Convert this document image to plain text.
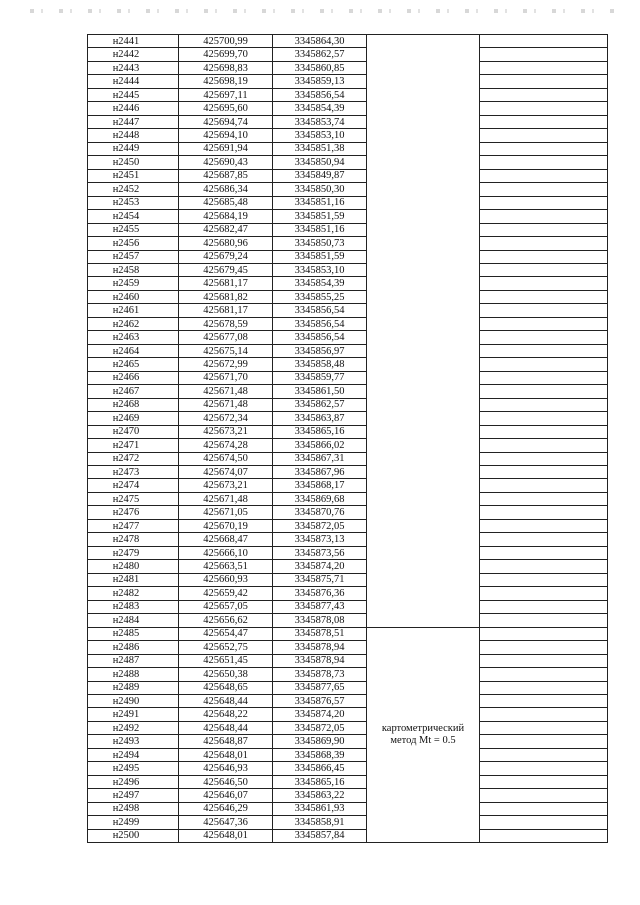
н2441	425700,99	3345864,30		
н2442	425699,70	3345862,57		
н2443	425698,83	3345860,85		
н2444	425698,19	3345859,13		
н2445	425697,11	3345856,54		
н2446	425695,60	3345854,39		
н2447	425694,74	3345853,74		
н2448	425694,10	3345853,10		
н2449	425691,94	3345851,38		
н2450	425690,43	3345850,94		
н2451	425687,85	3345849,87		
н2452	425686,34	3345850,30		
н2453	425685,48	3345851,16		
н2454	425684,19	3345851,59		
н2455	425682,47	3345851,16		
н2456	425680,96	3345850,73		
н2457	425679,24	3345851,59		
н2458	425679,45	3345853,10		
н2459	425681,17	3345854,39		
н2460	425681,82	3345855,25		
н2461	425681,17	3345856,54		
н2462	425678,59	3345856,54		
н2463	425677,08	3345856,54		
н2464	425675,14	3345856,97		
н2465	425672,99	3345858,48		
н2466	425671,70	3345859,77		
н2467	425671,48	3345861,50		
н2468	425671,48	3345862,57		
н2469	425672,34	3345863,87		
н2470	425673,21	3345865,16		
н2471	425674,28	3345866,02		
н2472	425674,50	3345867,31		
н2473	425674,07	3345867,96		
н2474	425673,21	3345868,17		
н2475	425671,48	3345869,68		
н2476	425671,05	3345870,76		
н2477	425670,19	3345872,05		
н2478	425668,47	3345873,13		
н2479	425666,10	3345873,56		
н2480	425663,51	3345874,20		
н2481	425660,93	3345875,71		
н2482	425659,42	3345876,36		
н2483	425657,05	3345877,43		
н2484	425656,62	3345878,08		
н2485	425654,47	3345878,51	картометрический
метод Mt = 0.5	

н2486	425652,75	3345878,94		
н2487	425651,45	3345878,94		
н2488	425650,38	3345878,73		
н2489	425648,65	3345877,65		
н2490	425648,44	3345876,57		
н2491	425648,22	3345874,20		
н2492	425648,44	3345872,05		
н2493	425648,87	3345869,90		
н2494	425648,01	3345868,39		
н2495	425646,93	3345866,45		
н2496	425646,50	3345865,16		
н2497	425646,07	3345863,22		
н2498	425646,29	3345861,93		
н2499	425647,36	3345858,91		
н2500	425648,01	3345857,84		
